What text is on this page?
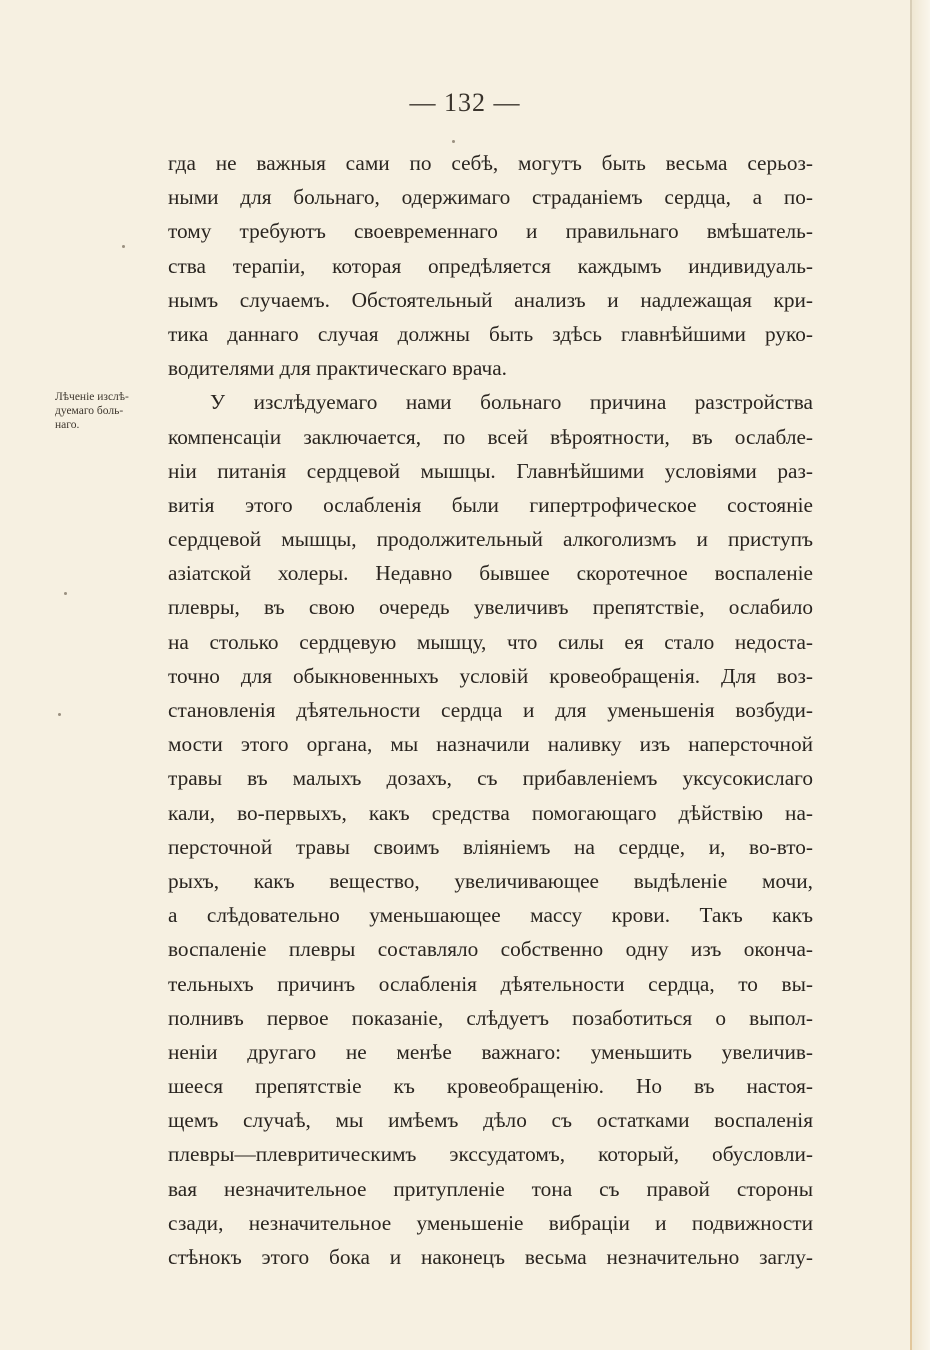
— 132 —
Лѣченіе изслѣ-
дуемаго боль-
наго.
гда не важныя сами по себѣ, могутъ быть весьма серьоз-
ными для больнаго, одержимаго страданіемъ сердца, а по-
тому требуютъ своевременнаго и правильнаго вмѣшатель-
ства терапіи, которая опредѣляется каждымъ индивидуаль-
нымъ случаемъ. Обстоятельный анализъ и надлежащая кри-
тика даннаго случая должны быть здѣсь главнѣйшими руко-
водителями для практическаго врача.
У изслѣдуемаго нами больнаго причина разстройства
компенсаціи заключается, по всей вѣроятности, въ ослабле-
ніи питанія сердцевой мышцы. Главнѣйшими условіями раз-
витія этого ослабленія были гипертрофическое состояніе
сердцевой мышцы, продолжительный алкоголизмъ и приступъ
азіатской холеры. Недавно бывшее скоротечное воспаленіе
плевры, въ свою очередь увеличивъ препятствіе, ослабило
на столько сердцевую мышцу, что силы ея стало недоста-
точно для обыкновенныхъ условій кровеобращенія. Для воз-
становленія дѣятельности сердца и для уменьшенія возбуди-
мости этого органа, мы назначили наливку изъ наперсточной
травы въ малыхъ дозахъ, съ прибавленіемъ уксусокислаго
кали, во-первыхъ, какъ средства помогающаго дѣйствію на-
персточной травы своимъ вліяніемъ на сердце, и, во-вто-
рыхъ, какъ вещество, увеличивающее выдѣленіе мочи,
а слѣдовательно уменьшающее массу крови. Такъ какъ
воспаленіе плевры составляло собственно одну изъ оконча-
тельныхъ причинъ ослабленія дѣятельности сердца, то вы-
полнивъ первое показаніе, слѣдуетъ позаботиться о выпол-
неніи другаго не менѣе важнаго: уменьшить увеличив-
шееся препятствіе къ кровеобращенію. Но въ настоя-
щемъ случаѣ, мы имѣемъ дѣло съ остатками воспаленія
плевры—плевритическимъ экссудатомъ, который, обусловли-
вая незначительное притупленіе тона съ правой стороны
сзади, незначительное уменьшеніе вибраціи и подвижности
стѣнокъ этого бока и наконецъ весьма незначительно заглу-
